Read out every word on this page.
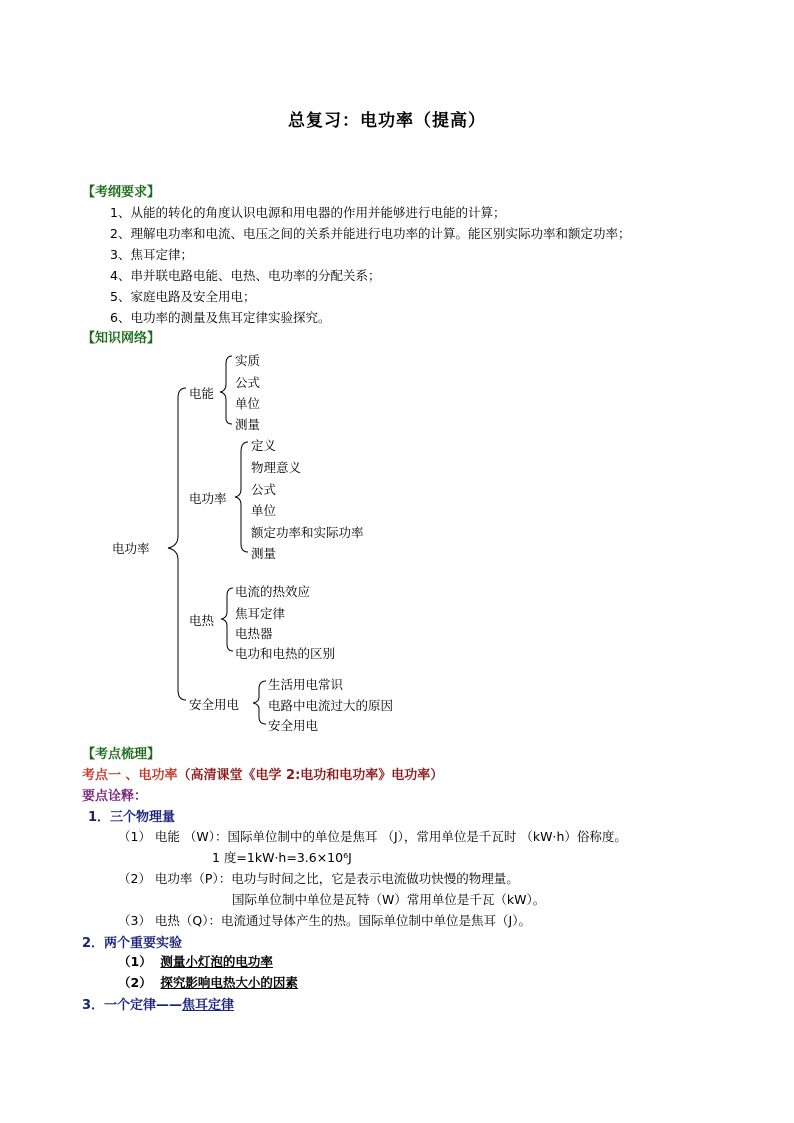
总复习：电功率（提高）
【考纲要求】
1、从能的转化的角度认识电源和用电器的作用并能够进行电能的计算；
2、理解电功率和电流、电压之间的关系并能进行电功率的计算。能区别实际功率和额定功率；
3、焦耳定律；
4、串并联电路电能、电热、电功率的分配关系；
5、家庭电路及安全用电；
6、电功率的测量及焦耳定律实验探究。
【知识网络】
电功率
电能
实质
公式
单位
测量
电功率
定义
物理意义
公式
单位
额定功率和实际功率
测量
电热
电流的热效应
焦耳定律
电热器
电功和电热的区别
安全用电
生活用电常识
电路中电流过大的原因
安全用电
【考点梳理】
考点一 、电功率（高清课堂《电学 2:电功和电功率》电功率）
要点诠释：
1．三个物理量
（1） 电能 （W）：国际单位制中的单位是焦耳 （J），常用单位是千瓦时 （kW·h）俗称度。
1 度=1kW·h=3.6×10⁶J
（2） 电功率（P）：电功与时间之比，它是表示电流做功快慢的物理量。
国际单位制中单位是瓦特（W）常用单位是千瓦（kW）。
（3） 电热（Q）：电流通过导体产生的热。国际单位制中单位是焦耳（J）。
2．两个重要实验
（1） 测量小灯泡的电功率
（2） 探究影响电热大小的因素
3．一个定律——焦耳定律
